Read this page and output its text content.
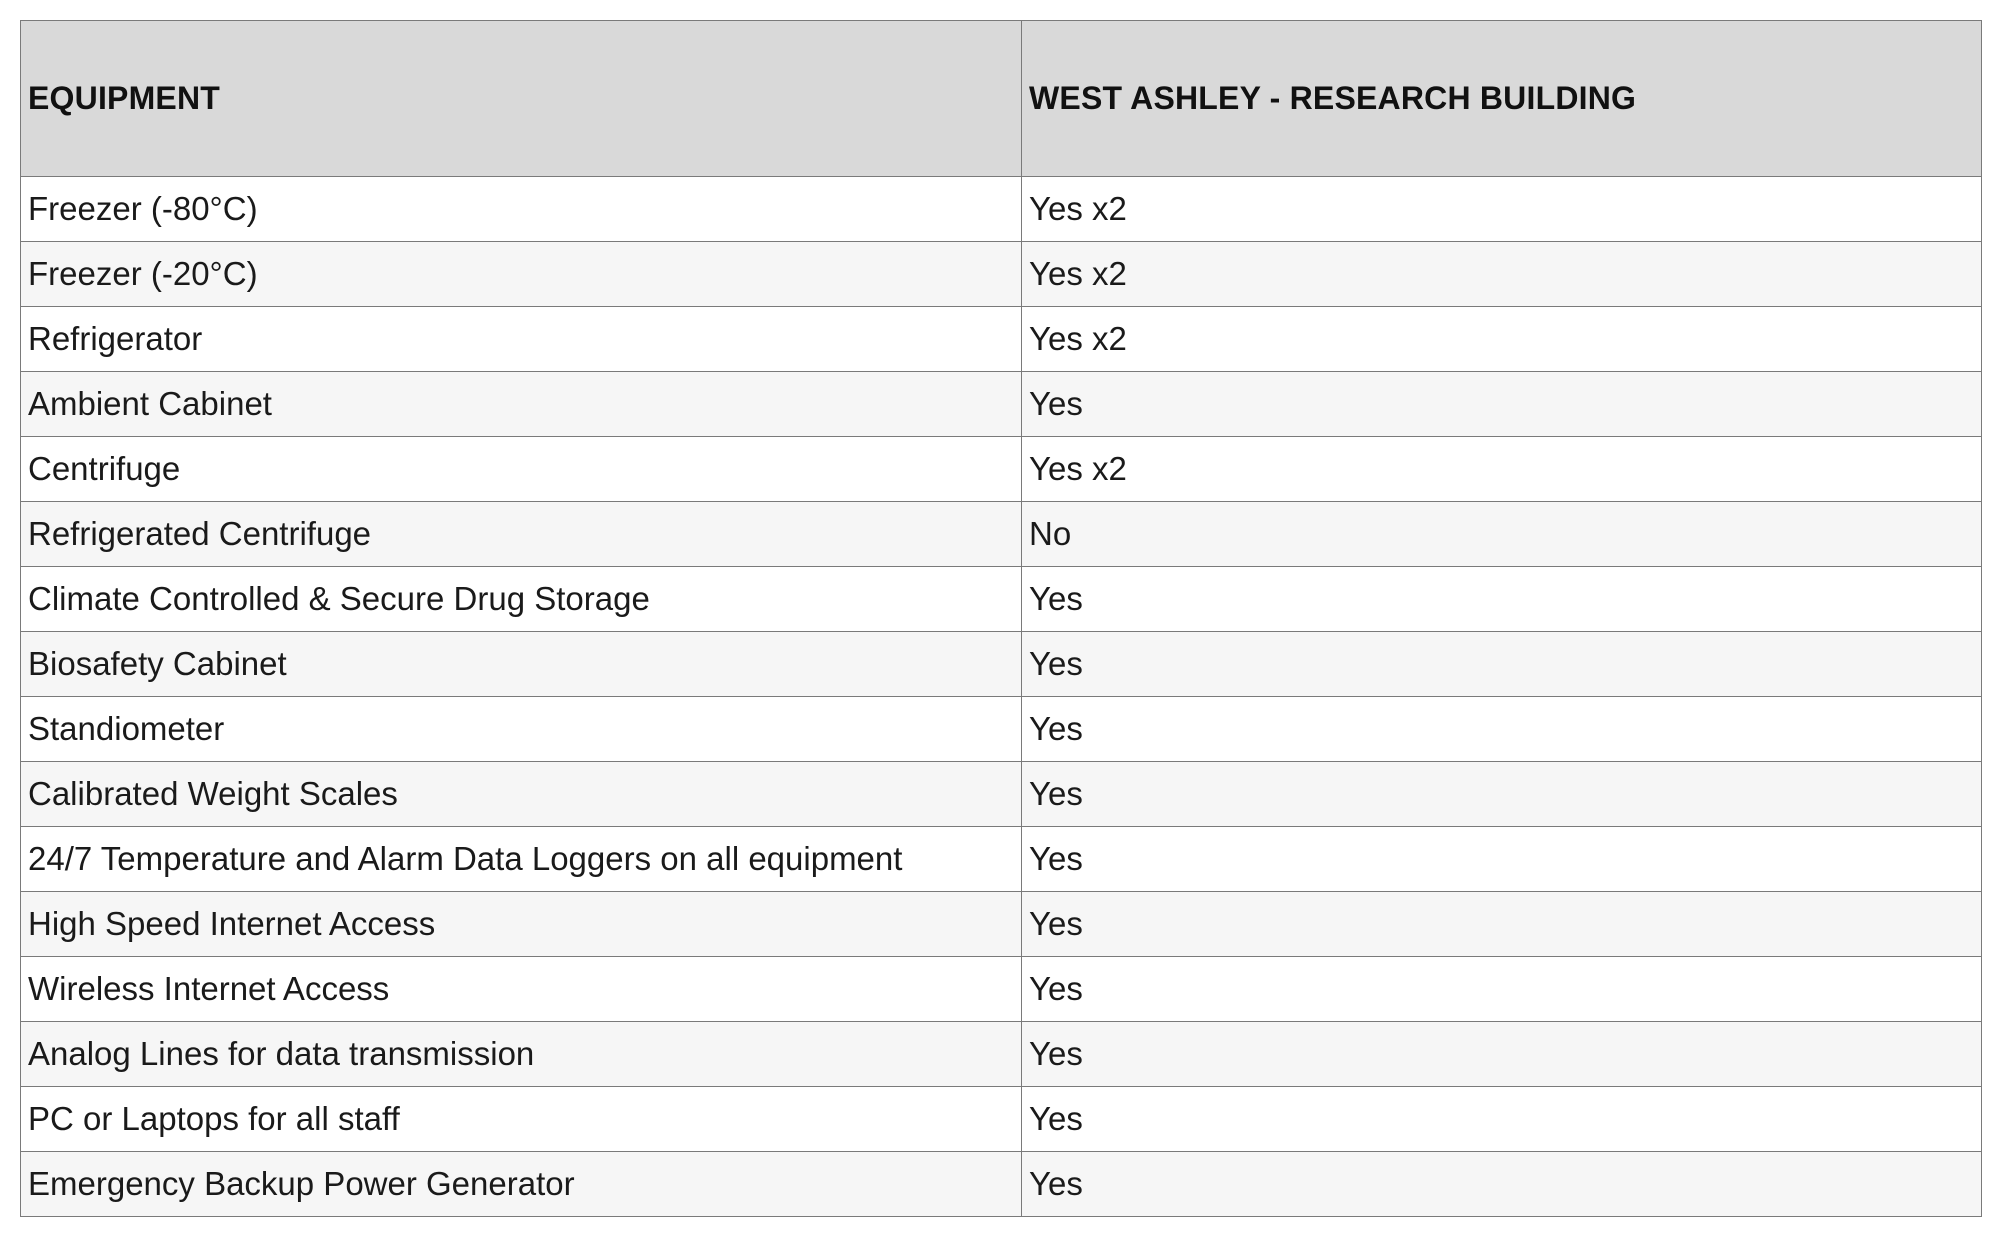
EQUIPMENT	WEST ASHLEY - RESEARCH BUILDING
Freezer (-80°C)	Yes x2
Freezer (-20°C)	Yes x2
Refrigerator	Yes x2
Ambient Cabinet	Yes
Centrifuge	Yes x2
Refrigerated Centrifuge	No
Climate Controlled & Secure Drug Storage	Yes
Biosafety Cabinet	Yes
Standiometer	Yes
Calibrated Weight Scales	Yes
24/7 Temperature and Alarm Data Loggers on all equipment	Yes
High Speed Internet Access	Yes
Wireless Internet Access	Yes
Analog Lines for data transmission	Yes
PC or Laptops for all staff	Yes
Emergency Backup Power Generator	Yes
